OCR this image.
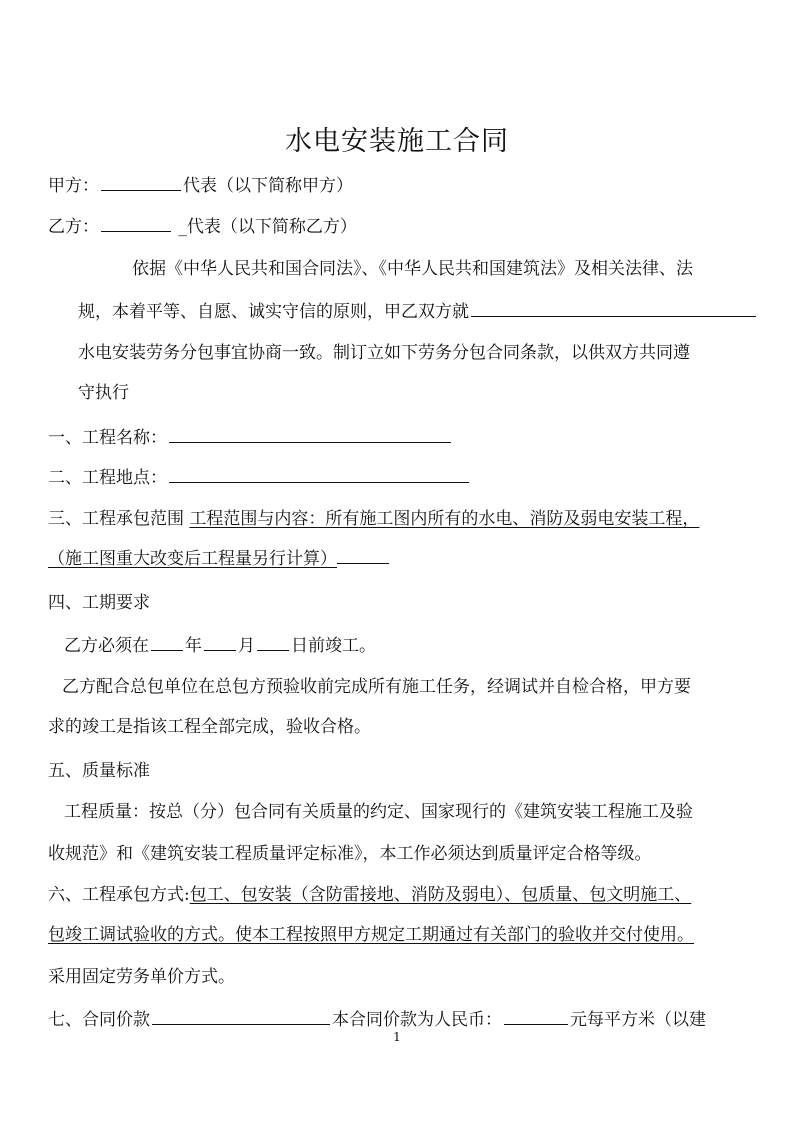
水电安装施工合同
甲方：	代表（以下简称甲方）
乙方：	_代表（以下简称乙方）
依据《中华人民共和国合同法》、《中华人民共和国建筑法》及相关法律、法
规，本着平等、自愿、诚实守信的原则，甲乙双方就
水电安装劳务分包事宜协商一致。制订立如下劳务分包合同条款，以供双方共同遵
守执行
一、工程名称：
二、工程地点：
三、工程承包范围 工程范围与内容：所有施工图内所有的水电、消防及弱电安装工程，
（施工图重大改变后工程量另行计算）
四、工期要求
乙方必须在 年 月 日前竣工。
乙方配合总包单位在总包方预验收前完成所有施工任务，经调试并自检合格，甲方要
求的竣工是指该工程全部完成，验收合格。
五、质量标准
工程质量：按总（分）包合同有关质量的约定、国家现行的《建筑安装工程施工及验
收规范》和《建筑安装工程质量评定标准》，本工作必须达到质量评定合格等级。
六、工程承包方式:包工、包安装（含防雷接地、消防及弱电）、包质量、包文明施工、
包竣工调试验收的方式。使本工程按照甲方规定工期通过有关部门的验收并交付使用。
采用固定劳务单价方式。
七、合同价款	本合同价款为人民币：	元每平方米（以建
1
